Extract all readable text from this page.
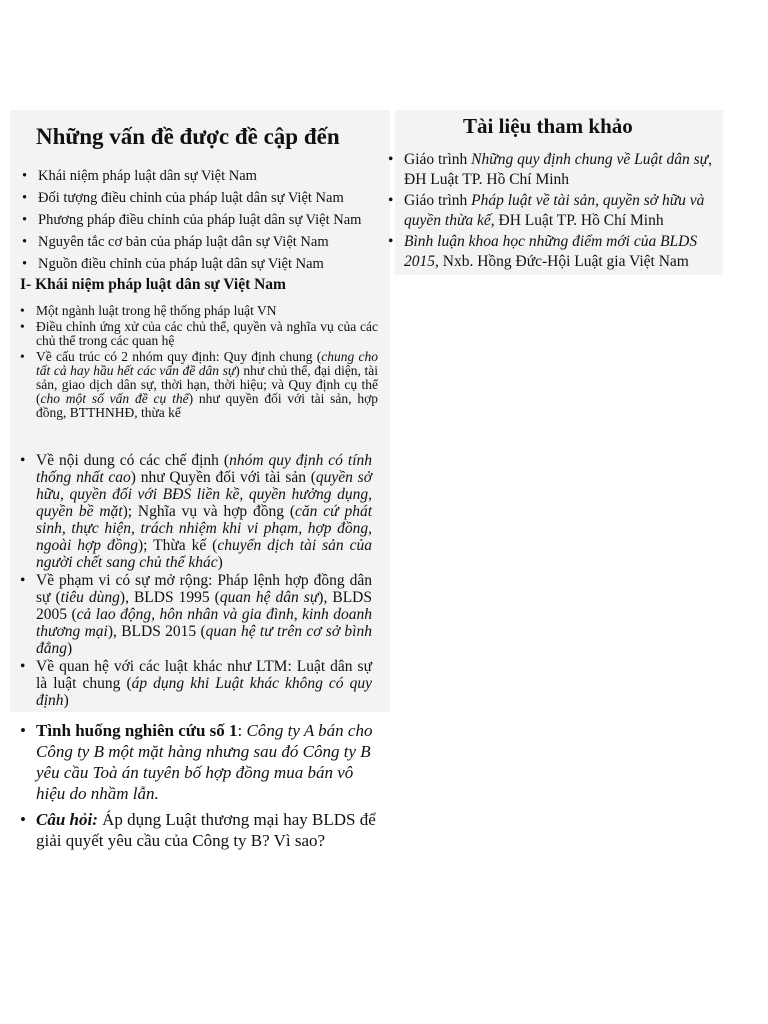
Những vấn đề được đề cập đến
• Khái niệm pháp luật dân sự Việt Nam
• Đối tượng điều chỉnh của pháp luật dân sự Việt Nam
• Phương pháp điều chỉnh của pháp luật dân sự Việt Nam
• Nguyên tắc cơ bản của pháp luật dân sự Việt Nam
• Nguồn điều chỉnh của pháp luật dân sự Việt Nam
Tài liệu tham khảo
• Giáo trình Những quy định chung về Luật dân sự, ĐH Luật TP. Hồ Chí Minh
• Giáo trình Pháp luật về tài sản, quyền sở hữu và quyền thừa kế, ĐH Luật TP. Hồ Chí Minh
• Bình luận khoa học những điểm mới của BLDS 2015, Nxb. Hồng Đức-Hội Luật gia Việt Nam
I- Khái niệm pháp luật dân sự Việt Nam
• Một ngành luật trong hệ thống pháp luật VN
• Điều chỉnh ứng xử của các chủ thể, quyền và nghĩa vụ của các chủ thể trong các quan hệ
• Về cấu trúc có 2 nhóm quy định: Quy định chung (chung cho tất cả hay hầu hết các vấn đề dân sự) như chủ thể, đại diện, tài sản, giao dịch dân sự, thời hạn, thời hiệu; và Quy định cụ thể (cho một số vấn đề cụ thể) như quyền đối với tài sản, hợp đồng, BTTHNHĐ, thừa kế
• Về nội dung có các chế định (nhóm quy định có tính thống nhất cao) như Quyền đối với tài sản (quyền sở hữu, quyền đối với BĐS liền kề, quyền hưởng dụng, quyền bề mặt); Nghĩa vụ và hợp đồng (căn cứ phát sinh, thực hiện, trách nhiệm khi vi phạm, hợp đồng, ngoài hợp đồng); Thừa kế (chuyển dịch tài sản của người chết sang chủ thể khác)
• Về phạm vi có sự mở rộng: Pháp lệnh hợp đồng dân sự (tiêu dùng), BLDS 1995 (quan hệ dân sự), BLDS 2005 (cả lao động, hôn nhân và gia đình, kinh doanh thương mại), BLDS 2015 (quan hệ tư trên cơ sở bình đẳng)
• Về quan hệ với các luật khác như LTM: Luật dân sự là luật chung (áp dụng khi Luật khác không có quy định)
• Tình huống nghiên cứu số 1: Công ty A bán cho Công ty B một mặt hàng nhưng sau đó Công ty B yêu cầu Toà án tuyên bố hợp đồng mua bán vô hiệu do nhầm lẫn.
• Câu hỏi: Áp dụng Luật thương mại hay BLDS để giải quyết yêu cầu của Công ty B? Vì sao?
